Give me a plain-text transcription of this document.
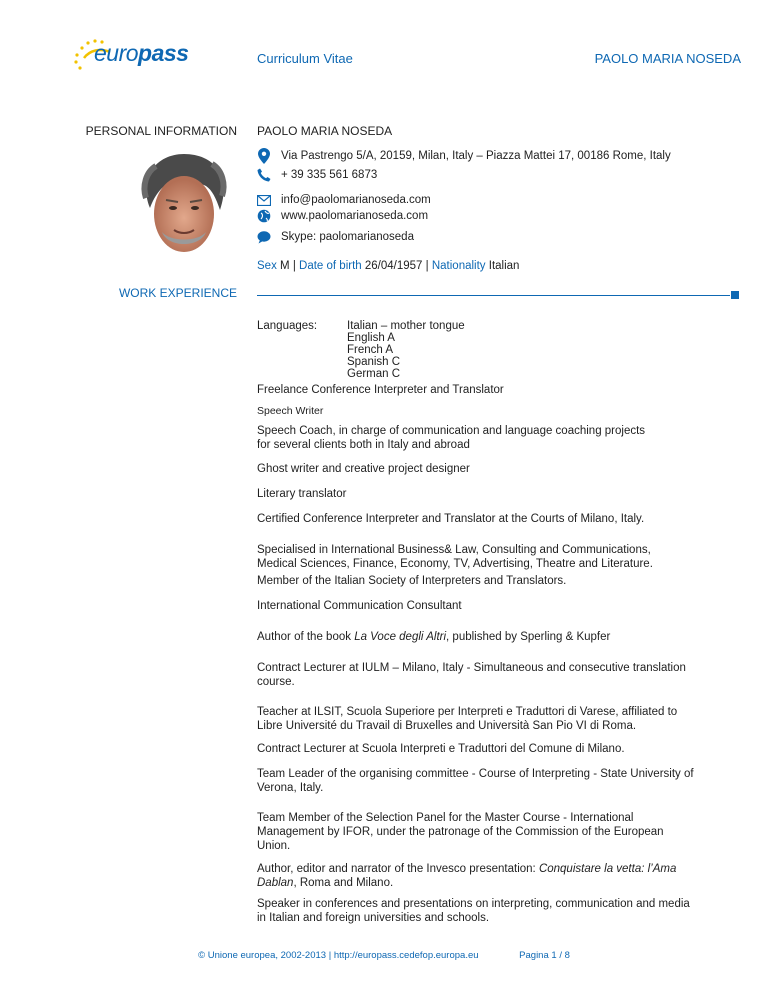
europass	Curriculum Vitae	PAOLO MARIA NOSEDA
PERSONAL INFORMATION PAOLO MARIA NOSEDA
Via Pastrengo 5/A, 20159, Milan, Italy – Piazza Mattei 17, 00186 Rome, Italy
+ 39 335 561 6873
info@paolomarianoseda.com
www.paolomarianoseda.com
Skype: paolomarianoseda
Sex M | Date of birth 26/04/1957 | Nationality Italian
WORK EXPERIENCE
Languages:	Italian – mother tongue
English A
French A
Spanish C
German C
Freelance Conference Interpreter and Translator
Speech Writer
Speech Coach, in charge of communication and language coaching projects for several clients both in Italy and abroad
Ghost writer and creative project designer
Literary translator
Certified Conference Interpreter and Translator at the Courts of Milano, Italy.
Specialised in International Business& Law, Consulting and Communications, Medical Sciences, Finance, Economy, TV, Advertising, Theatre and Literature.
Member of the Italian Society of Interpreters and Translators.
International Communication Consultant
Author of the book La Voce degli Altri, published by Sperling & Kupfer
Contract Lecturer at IULM – Milano, Italy - Simultaneous and consecutive translation course.
Teacher at ILSIT, Scuola Superiore per Interpreti e Traduttori di Varese, affiliated to Libre Université du Travail di Bruxelles and Università San Pio VI di Roma.
Contract Lecturer at Scuola Interpreti e Traduttori del Comune di Milano.
Team Leader of the organising committee - Course of Interpreting - State University of Verona, Italy.
Team Member of the Selection Panel for the Master Course - International Management by IFOR, under the patronage of the Commission of the European Union.
Author, editor and narrator of the Invesco presentation: Conquistare la vetta: l’Ama Dablan, Roma and Milano.
Speaker in conferences and presentations on interpreting, communication and media in Italian and foreign universities and schools.
© Unione europea, 2002-2013 | http://europass.cedefop.europa.eu	Pagina 1 / 8
